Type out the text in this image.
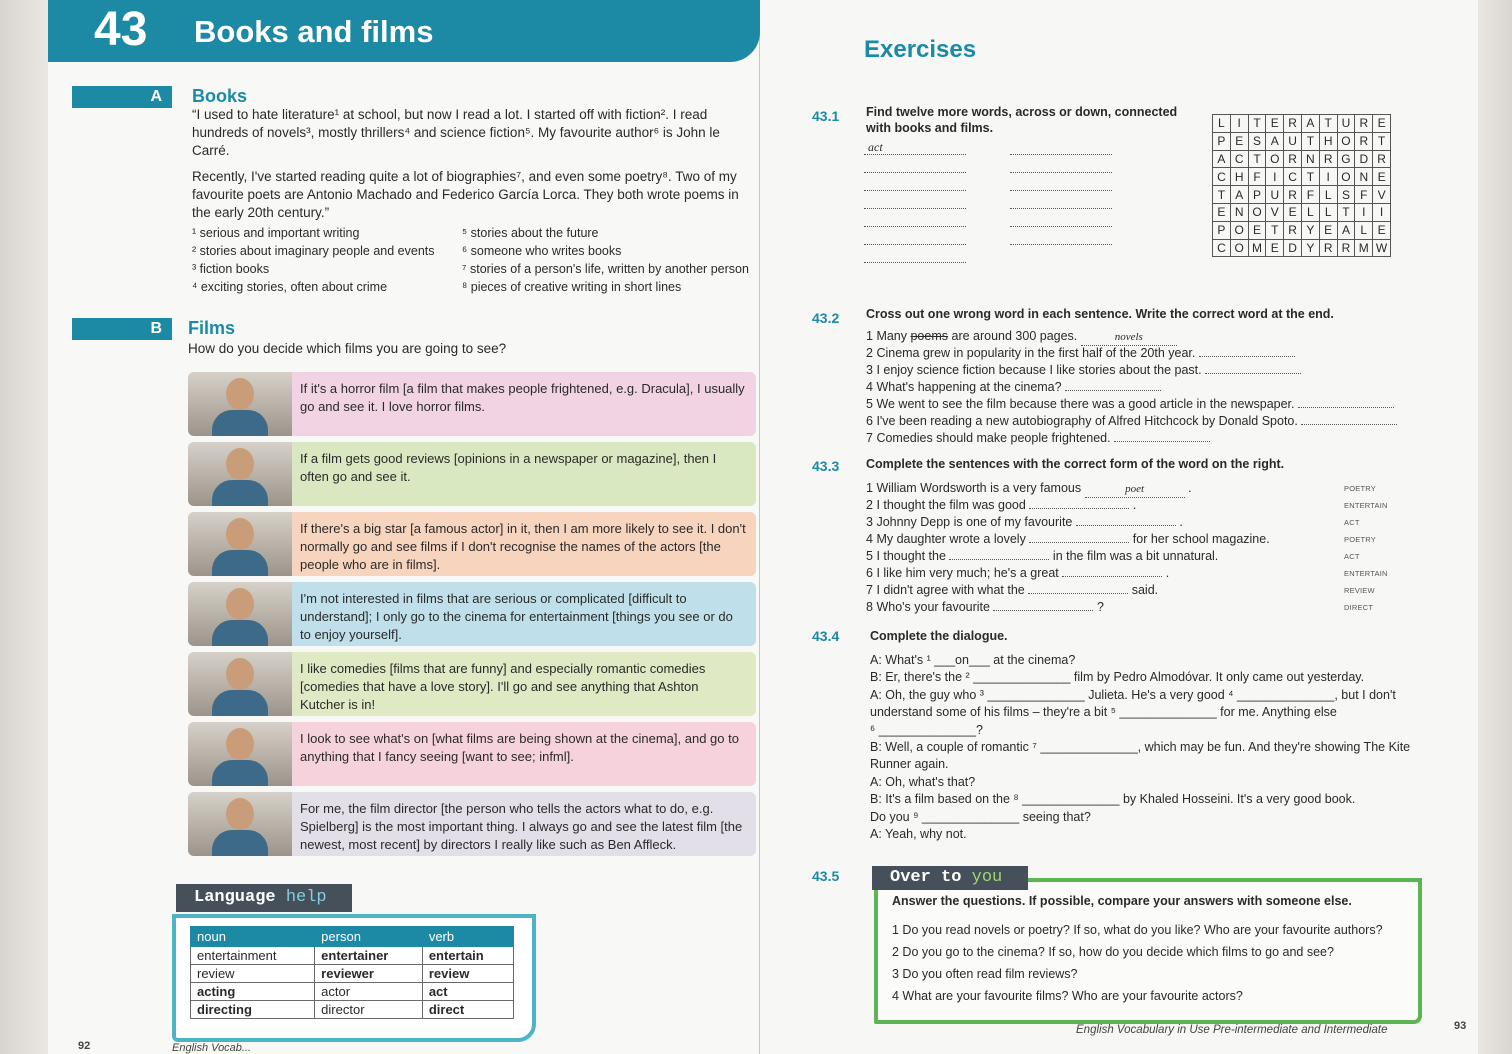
43 Books and films
A	Books
“I used to hate literature¹ at school, but now I read a lot. I started off with fiction². I read hundreds of novels³, mostly thrillers⁴ and science fiction⁵. My favourite author⁶ is John le Carré.
Recently, I've started reading quite a lot of biographies⁷, and even some poetry⁸. Two of my favourite poets are Antonio Machado and Federico García Lorca. They both wrote poems in the early 20th century.”
¹ serious and important writing
² stories about imaginary people and events
³ fiction books
⁴ exciting stories, often about crime
⁵ stories about the future
⁶ someone who writes books
⁷ stories of a person's life, written by another person
⁸ pieces of creative writing in short lines
B	Films
How do you decide which films you are going to see?
If it's a horror film [a film that makes people frightened, e.g. Dracula], I usually go and see it. I love horror films.
If a film gets good reviews [opinions in a newspaper or magazine], then I often go and see it.
If there's a big star [a famous actor] in it, then I am more likely to see it. I don't normally go and see films if I don't recognise the names of the actors [the people who are in films].
I'm not interested in films that are serious or complicated [difficult to understand]; I only go to the cinema for entertainment [things you see or do to enjoy yourself].
I like comedies [films that are funny] and especially romantic comedies [comedies that have a love story]. I'll go and see anything that Ashton Kutcher is in!
I look to see what's on [what films are being shown at the cinema], and go to anything that I fancy seeing [want to see; infml].
For me, the film director [the person who tells the actors what to do, e.g. Spielberg] is the most important thing. I always go and see the latest film [the newest, most recent] by directors I really like such as Ben Affleck.
Language help
noun	person	verb
entertainment	entertainer	entertain
review	reviewer	review
acting	actor	act
directing	director	direct
92	English Vocab...
Exercises
43.1 Find twelve more words, across or down, connected with books and films.
act
L	I	T	E	R	A	T	U	R	E
P	E	S	A	U	T	H	O	R	T
A	C	T	O	R	N	R	G	D	R
C	H	F	I	C	T	I	O	N	E
T	A	P	U	R	F	L	S	F	V
E	N	O	V	E	L	L	T	I	I
P	O	E	T	R	Y	E	A	L	E
C	O	M	E	D	Y	R	R	M	W
43.2 Cross out one wrong word in each sentence. Write the correct word at the end.
1 Many poems are around 300 pages.	novels
2 Cinema grew in popularity in the first half of the 20th year.
3 I enjoy science fiction because I like stories about the past.
4 What's happening at the cinema?
5 We went to see the film because there was a good article in the newspaper.
6 I've been reading a new autobiography of Alfred Hitchcock by Donald Spoto.
7 Comedies should make people frightened.
43.3 Complete the sentences with the correct form of the word on the right.
1 William Wordsworth is a very famous	poet	.	POETRY
2 I thought the film was good	.	ENTERTAIN
3 Johnny Depp is one of my favourite	.	ACT
4 My daughter wrote a lovely	for her school magazine.	POETRY
5 I thought the	in the film was a bit unnatural.	ACT
6 I like him very much; he's a great	.	ENTERTAIN
7 I didn't agree with what the	said.	REVIEW
8 Who's your favourite	?	DIRECT
43.4 Complete the dialogue.
A: What's ¹ ___on___ at the cinema?
B: Er, there's the ² ______________ film by Pedro Almodóvar. It only came out yesterday.
A: Oh, the guy who ³ ______________ Julieta. He's a very good ⁴ ______________, but I don't
understand some of his films – they're a bit ⁵ ______________ for me. Anything else
⁶ ______________?
B: Well, a couple of romantic ⁷ ______________, which may be fun. And they're showing The Kite
Runner again.
A: Oh, what's that?
B: It's a film based on the ⁸ ______________ by Khaled Hosseini. It's a very good book.
Do you ⁹ ______________ seeing that?
A: Yeah, why not.
43.5
Answer the questions. If possible, compare your answers with someone else.
1 Do you read novels or poetry? If so, what do you like? Who are your favourite authors?
2 Do you go to the cinema? If so, how do you decide which films to go and see?
3 Do you often read film reviews?
4 What are your favourite films? Who are your favourite actors?
Over to you
English Vocabulary in Use Pre-intermediate and Intermediate	93
